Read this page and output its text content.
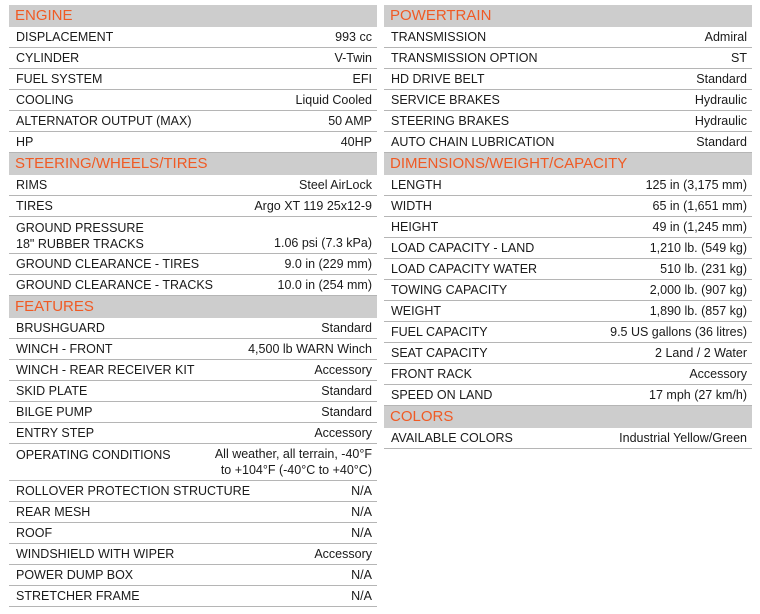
ENGINE
DISPLACEMENT	993 cc
CYLINDER	V-Twin
FUEL SYSTEM	EFI
COOLING	Liquid Cooled
ALTERNATOR OUTPUT (MAX)	50 AMP
HP	40HP
STEERING/WHEELS/TIRES
RIMS	Steel AirLock
TIRES	Argo XT 119 25x12-9
GROUND PRESSURE
18" RUBBER TRACKS	1.06 psi (7.3 kPa)
GROUND CLEARANCE - TIRES	9.0 in (229 mm)
GROUND CLEARANCE - TRACKS	10.0 in (254 mm)
FEATURES
BRUSHGUARD	Standard
WINCH - FRONT	4,500 lb WARN Winch
WINCH - REAR RECEIVER KIT	Accessory
SKID PLATE	Standard
BILGE PUMP	Standard
ENTRY STEP	Accessory
OPERATING CONDITIONS	All weather, all terrain, -40°F
to +104°F (-40°C to +40°C)
ROLLOVER PROTECTION STRUCTURE	N/A
REAR MESH	N/A
ROOF	N/A
WINDSHIELD WITH WIPER	Accessory
POWER DUMP BOX	N/A
STRETCHER FRAME	N/A
POWERTRAIN
TRANSMISSION	Admiral
TRANSMISSION OPTION	ST
HD DRIVE BELT	Standard
SERVICE BRAKES	Hydraulic
STEERING BRAKES	Hydraulic
AUTO CHAIN LUBRICATION	Standard
DIMENSIONS/WEIGHT/CAPACITY
LENGTH	125 in (3,175 mm)
WIDTH	65 in (1,651 mm)
HEIGHT	49 in (1,245 mm)
LOAD CAPACITY - LAND	1,210 lb. (549 kg)
LOAD CAPACITY WATER	510 lb. (231 kg)
TOWING CAPACITY	2,000 lb. (907 kg)
WEIGHT	1,890 lb. (857 kg)
FUEL CAPACITY	9.5 US gallons (36 litres)
SEAT CAPACITY	2 Land / 2 Water
FRONT RACK	Accessory
SPEED ON LAND	17 mph (27 km/h)
COLORS
AVAILABLE COLORS	Industrial Yellow/Green
